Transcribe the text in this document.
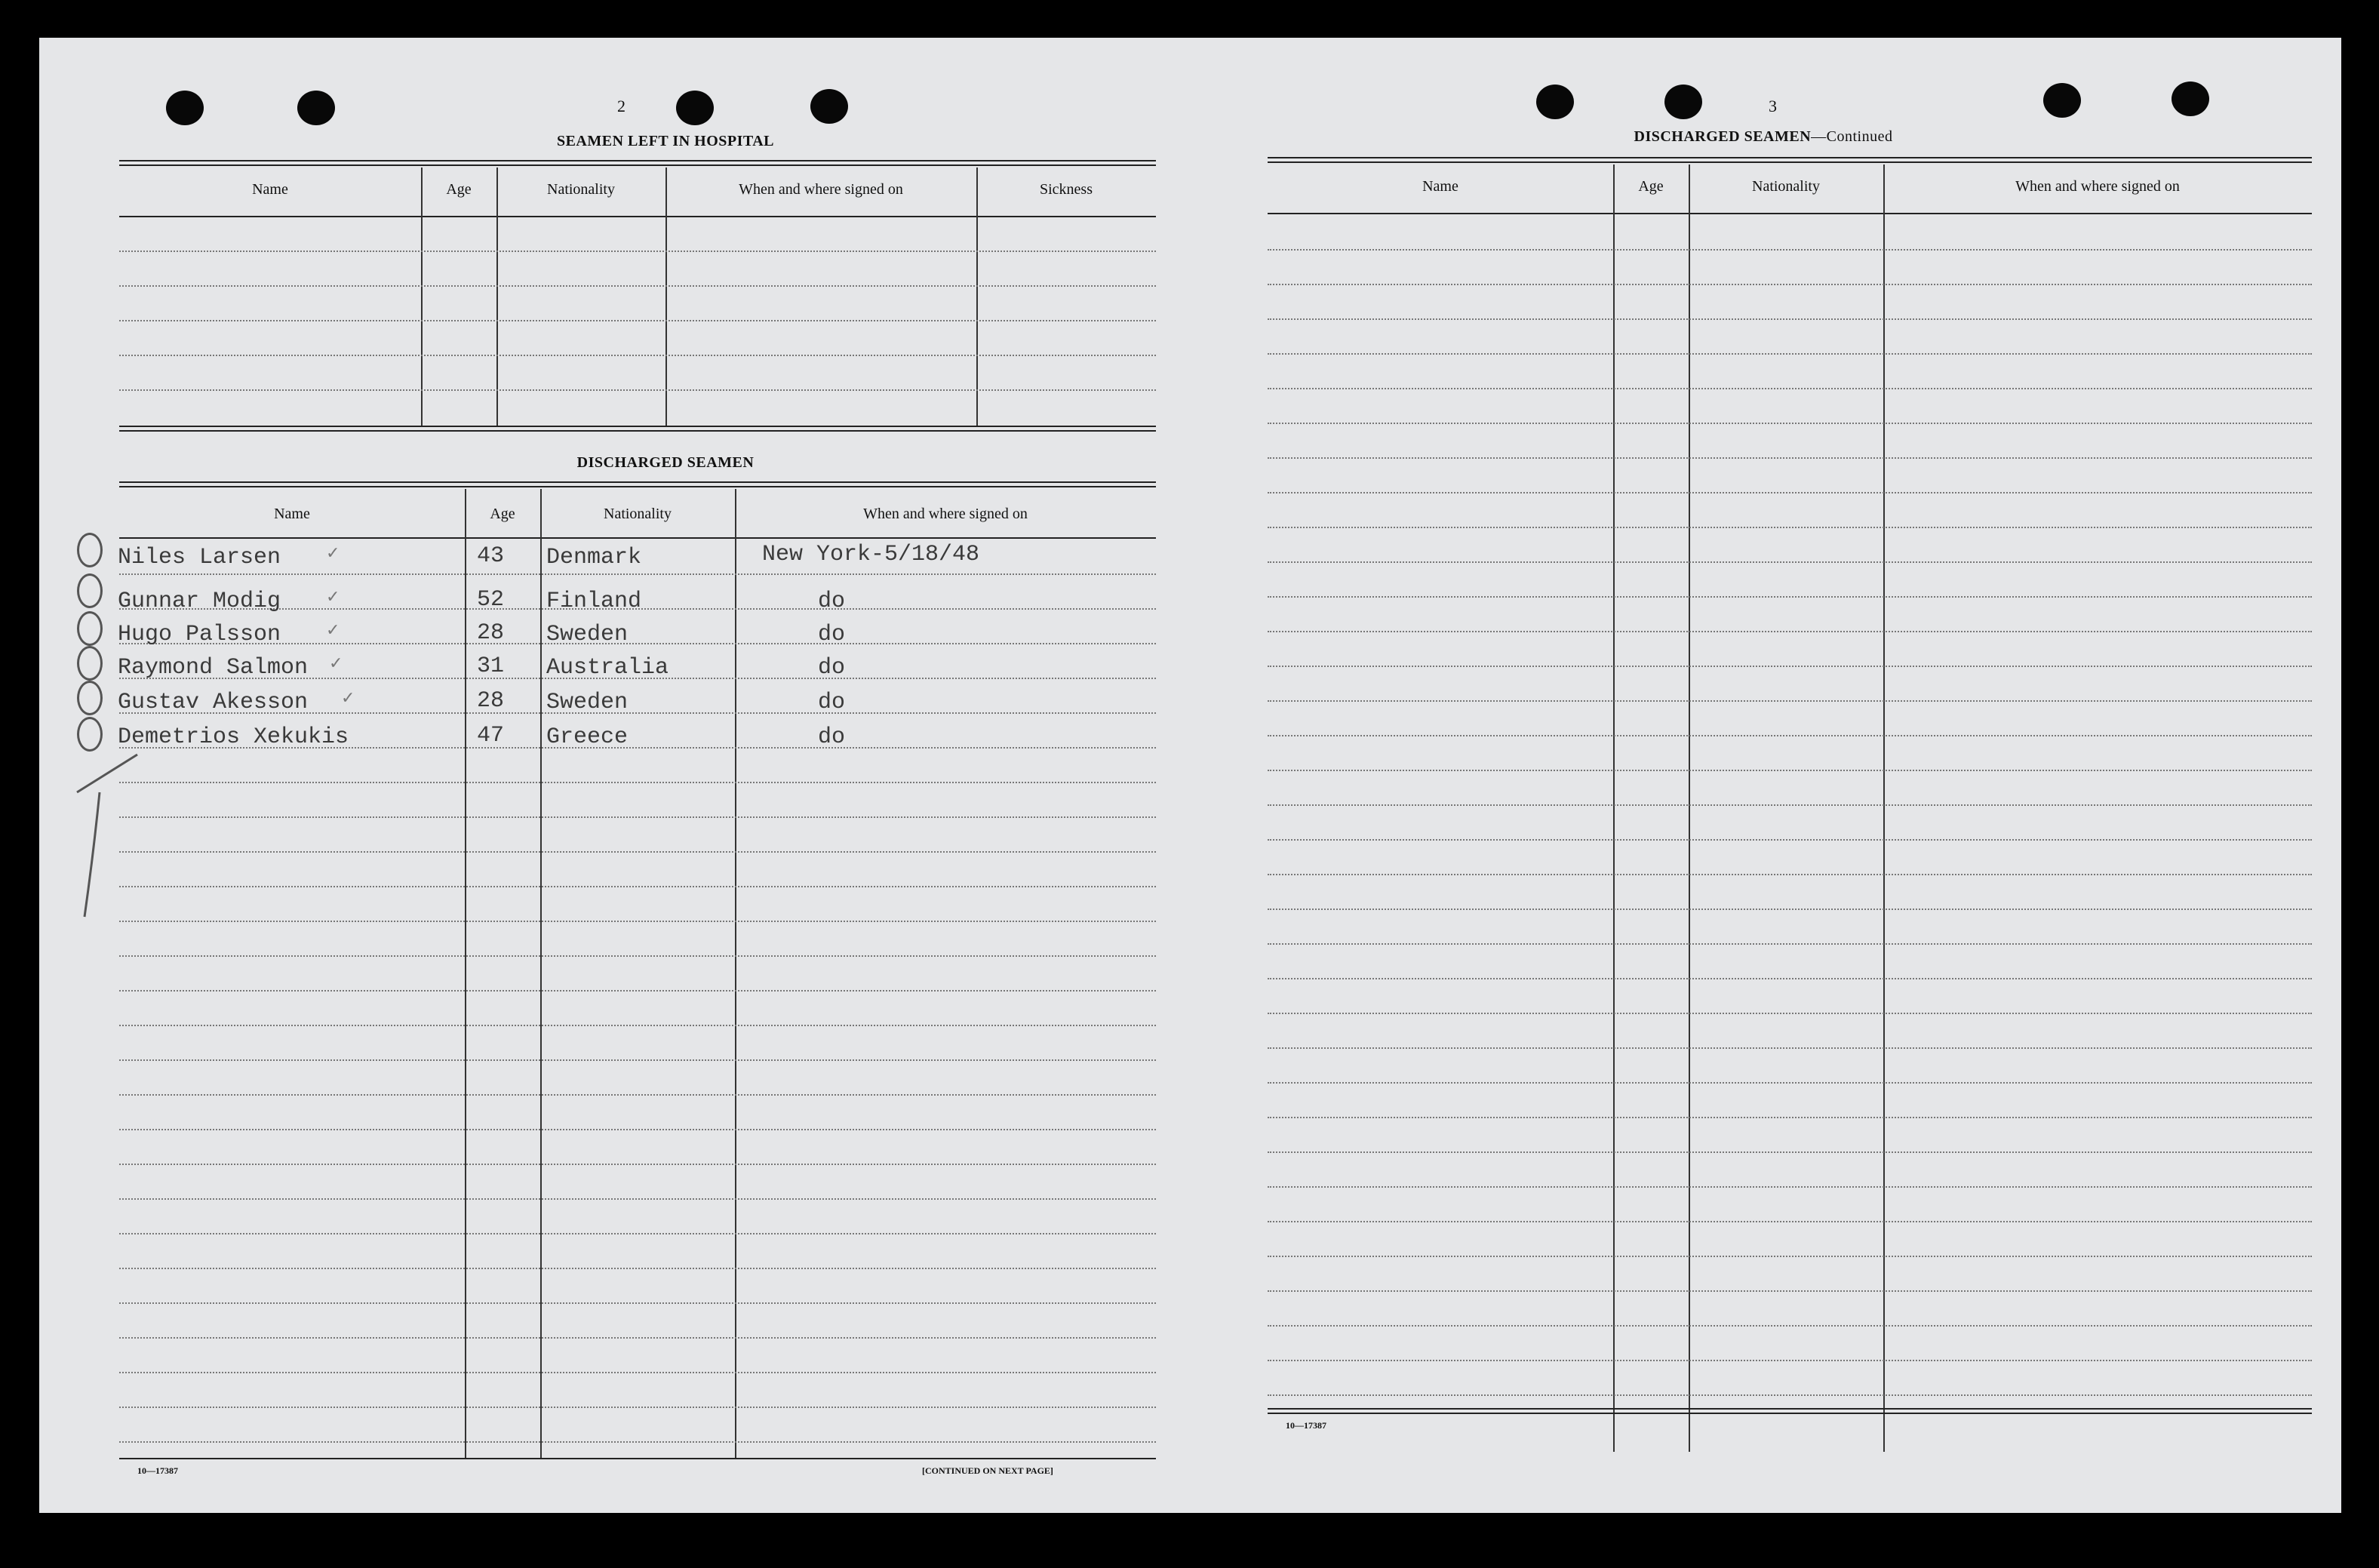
2
SEAMEN LEFT IN HOSPITAL
Name	Age	Nationality	When and where signed on	Sickness
DISCHARGED SEAMEN
Name	Age	Nationality	When and where signed on
Niles Larsen	43 Denmark	New York-5/18/48
✓
Gunnar Modig	52 Finland	do
✓
Hugo Palsson	28 Sweden	do
✓
Raymond Salmon	31 Australia	do
✓
Gustav Akesson	28 Sweden	do
✓
Demetrios Xekukis	47 Greece	do
10—17387	[CONTINUED ON NEXT PAGE]
3
DISCHARGED SEAMEN—Continued
Name	Age	Nationality	When and where signed on
10—17387
